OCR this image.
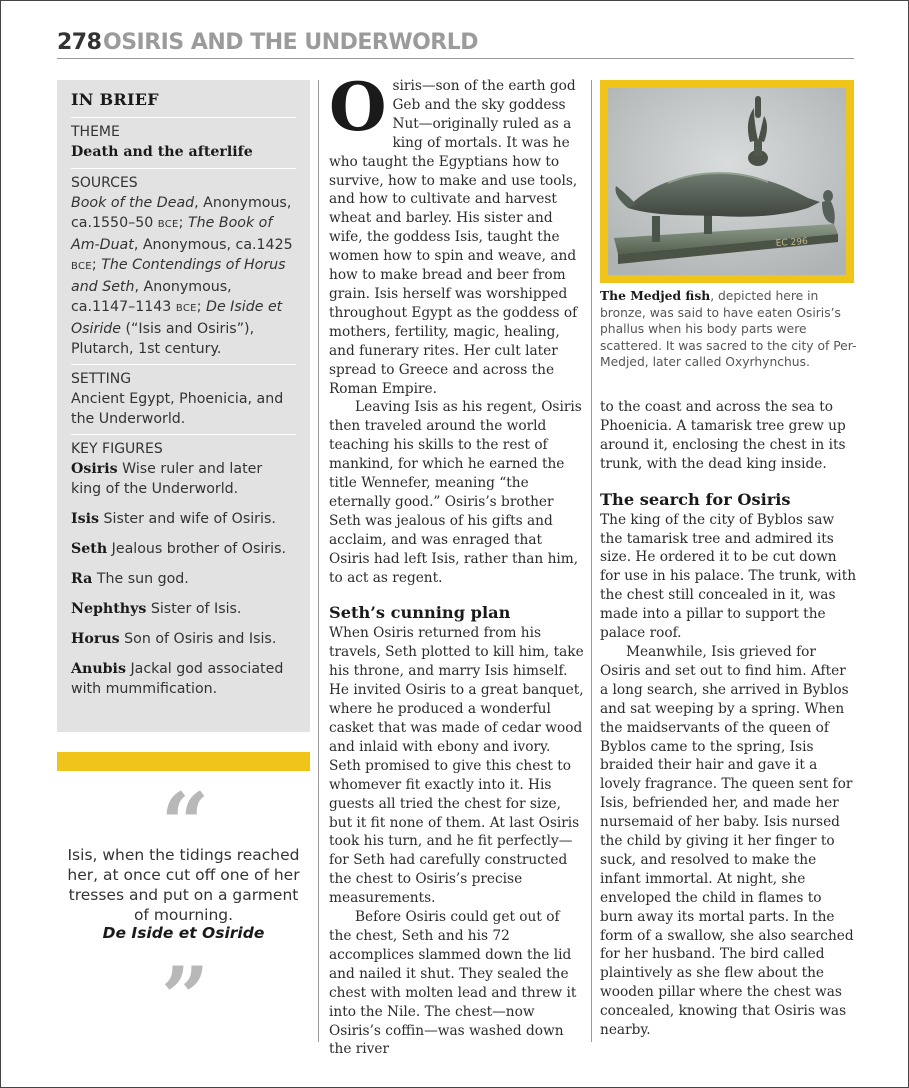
278 OSIRIS AND THE UNDERWORLD
IN BRIEF
THEME
Death and the afterlife
SOURCES
Book of the Dead, Anonymous, ca.1550–50 BCE; The Book of Am-Duat, Anonymous, ca.1425 BCE; The Contendings of Horus and Seth, Anonymous, ca.1147–1143 BCE; De Iside et Osiride (“Isis and Osiris”), Plutarch, 1st century.
SETTING
Ancient Egypt, Phoenicia, and the Underworld.
KEY FIGURES
Osiris Wise ruler and later king of the Underworld.
Isis Sister and wife of Osiris.
Seth Jealous brother of Osiris.
Ra The sun god.
Nephthys Sister of Isis.
Horus Son of Osiris and Isis.
Anubis Jackal god associated with mummification.
“
Isis, when the tidings reached her, at once cut off one of her tresses and put on a garment of mourning.
De Iside et Osiride
”

Osiris—son of the earth god Geb and the sky goddess Nut—originally ruled as a king of mortals. It was he who taught the Egyptians how to survive, how to make and use tools, and how to cultivate and harvest wheat and barley. His sister and wife, the goddess Isis, taught the women how to spin and weave, and how to make bread and beer from grain. Isis herself was worshipped throughout Egypt as the goddess of mothers, fertility, magic, healing, and funerary rites. Her cult later spread to Greece and across the Roman Empire.

Leaving Isis as his regent, Osiris then traveled around the world teaching his skills to the rest of mankind, for which he earned the title Wennefer, meaning “the eternally good.” Osiris’s brother Seth was jealous of his gifts and acclaim, and was enraged that Osiris had left Isis, rather than him, to act as regent.

Seth’s cunning plan

When Osiris returned from his travels, Seth plotted to kill him, take his throne, and marry Isis himself. He invited Osiris to a great banquet, where he produced a wonderful casket that was made of cedar wood and inlaid with ebony and ivory. Seth promised to give this chest to whomever fit exactly into it. His guests all tried the chest for size, but it fit none of them. At last Osiris took his turn, and he fit perfectly—for Seth had carefully constructed the chest to Osiris’s precise measurements.

Before Osiris could get out of the chest, Seth and his 72 accomplices slammed down the lid and nailed it shut. They sealed the chest with molten lead and threw it into the Nile. The chest—now Osiris’s coffin—was washed down the river

EC 296
The Medjed fish, depicted here in bronze, was said to have eaten Osiris’s phallus when his body parts were scattered. It was sacred to the city of Per-Medjed, later called Oxyrhynchus.

to the coast and across the sea to Phoenicia. A tamarisk tree grew up around it, enclosing the chest in its trunk, with the dead king inside.

The search for Osiris

The king of the city of Byblos saw the tamarisk tree and admired its size. He ordered it to be cut down for use in his palace. The trunk, with the chest still concealed in it, was made into a pillar to support the palace roof.

Meanwhile, Isis grieved for Osiris and set out to find him. After a long search, she arrived in Byblos and sat weeping by a spring. When the maidservants of the queen of Byblos came to the spring, Isis braided their hair and gave it a lovely fragrance. The queen sent for Isis, befriended her, and made her nursemaid of her baby. Isis nursed the child by giving it her finger to suck, and resolved to make the infant immortal. At night, she enveloped the child in flames to burn away its mortal parts. In the form of a swallow, she also searched for her husband. The bird called plaintively as she flew about the wooden pillar where the chest was concealed, knowing that Osiris was nearby.
